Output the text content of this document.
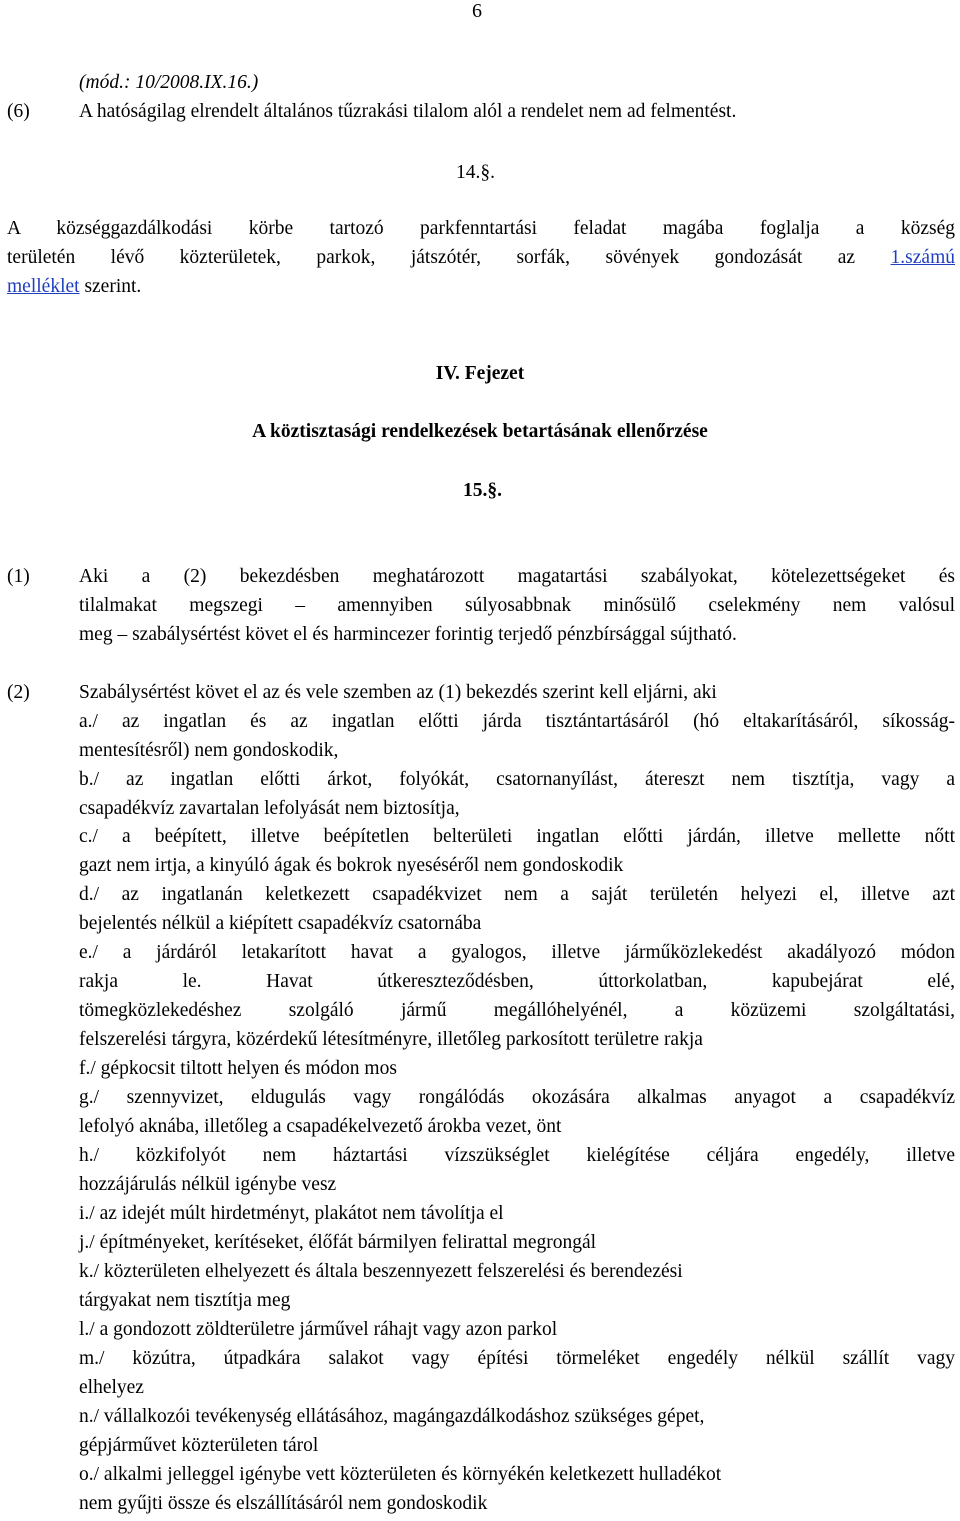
6
(mód.: 10/2008.IX.16.)
(6)	A hatóságilag elrendelt általános tűzrakási tilalom alól a rendelet nem ad felmentést.
14.§.
A községgazdálkodási körbe tartozó parkfenntartási feladat magába foglalja a község
területén lévő közterületek, parkok, játszótér, sorfák, sövények gondozását az 1.számú
melléklet szerint.
IV. Fejezet
A köztisztasági rendelkezések betartásának ellenőrzése
15.§.
(1)	Aki a (2) bekezdésben meghatározott magatartási szabályokat, kötelezettségeket és
tilalmakat megszegi – amennyiben súlyosabbnak minősülő cselekmény nem valósul
meg – szabálysértést követ el és harmincezer forintig terjedő pénzbírsággal sújtható.
(2)	Szabálysértést követ el az és vele szemben az (1) bekezdés szerint kell eljárni, aki
a./ az ingatlan és az ingatlan előtti járda tisztántartásáról (hó eltakarításáról, síkosság-
mentesítésről) nem gondoskodik,
b./ az ingatlan előtti árkot, folyókát, csatornanyílást, átereszt nem tisztítja, vagy a
csapadékvíz zavartalan lefolyását nem biztosítja,
c./ a beépített, illetve beépítetlen belterületi ingatlan előtti járdán, illetve mellette nőtt
gazt nem irtja, a kinyúló ágak és bokrok nyeséséről nem gondoskodik
d./ az ingatlanán keletkezett csapadékvizet nem a saját területén helyezi el, illetve azt
bejelentés nélkül a kiépített csapadékvíz csatornába
e./ a járdáról letakarított havat a gyalogos, illetve járműközlekedést akadályozó módon
rakja le. Havat útkereszteződésben, úttorkolatban, kapubejárat elé,
tömegközlekedéshez szolgáló jármű megállóhelyénél, a közüzemi szolgáltatási,
felszerelési tárgyra, közérdekű létesítményre, illetőleg parkosított területre rakja
f./ gépkocsit tiltott helyen és módon mos
g./ szennyvizet, eldugulás vagy rongálódás okozására alkalmas anyagot a csapadékvíz
lefolyó aknába, illetőleg a csapadékelvezető árokba vezet, önt
h./ közkifolyót nem háztartási vízszükséglet kielégítése céljára engedély, illetve
hozzájárulás nélkül igénybe vesz
i./ az idejét múlt hirdetményt, plakátot nem távolítja el
j./ építményeket, kerítéseket, élőfát bármilyen felirattal megrongál
k./ közterületen elhelyezett és általa beszennyezett felszerelési és berendezési
tárgyakat nem tisztítja meg
l./ a gondozott zöldterületre járművel ráhajt vagy azon parkol
m./ közútra, útpadkára salakot vagy építési törmeléket engedély nélkül szállít vagy
elhelyez
n./ vállalkozói tevékenység ellátásához, magángazdálkodáshoz szükséges gépet,
gépjárművet közterületen tárol
o./ alkalmi jelleggel igénybe vett közterületen és környékén keletkezett hulladékot
nem gyűjti össze és elszállításáról nem gondoskodik
